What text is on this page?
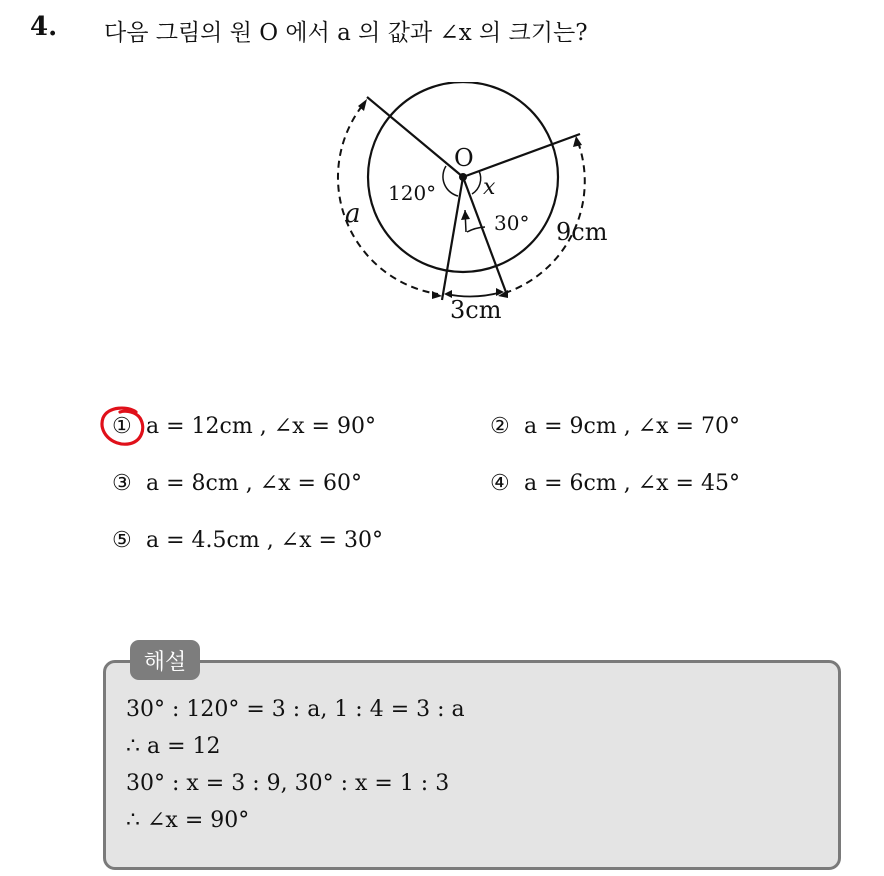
4. 다음 그림의 원 O 에서 a 의 값과 ∠x 의 크기는?
O
120° x
30°
a
9cm
3cm
① a = 12cm , ∠x = 90°	② a = 9cm , ∠x = 70°
③ a = 8cm , ∠x = 60°	④ a = 6cm , ∠x = 45°
⑤ a = 4.5cm , ∠x = 30°
해설
30° : 120° = 3 : a, 1 : 4 = 3 : a
∴ a = 12
30° : x = 3 : 9, 30° : x = 1 : 3
∴ ∠x = 90°
